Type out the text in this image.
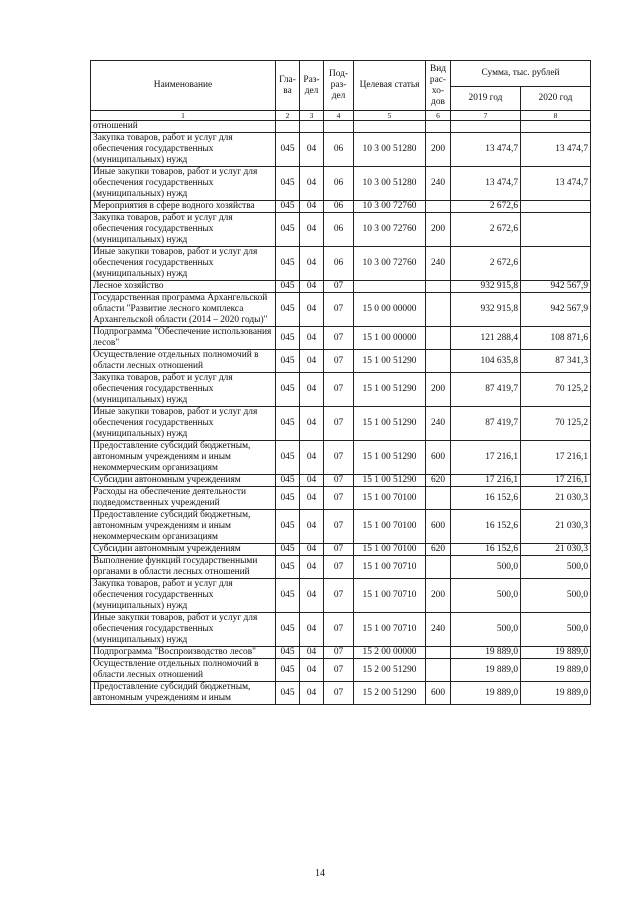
Наименование	Гла-ва	Раз-дел	Под-раз-дел	Целевая статья	Вид рас-хо-дов	Сумма, тыс. рублей	
						2019 год	2020 год
1	2	3	4	5	6	7	8
отношений							
Закупка товаров, работ и услуг для обеспечения государственных (муниципальных) нужд	045	04	06	10 3 00 51280	200	13 474,7	13 474,7
Иные закупки товаров, работ и услуг для обеспечения государственных (муниципальных) нужд	045	04	06	10 3 00 51280	240	13 474,7	13 474,7
Мероприятия в сфере водного хозяйства	045	04	06	10 3 00 72760		2 672,6	
Закупка товаров, работ и услуг для обеспечения государственных (муниципальных) нужд	045	04	06	10 3 00 72760	200	2 672,6	
Иные закупки товаров, работ и услуг для обеспечения государственных (муниципальных) нужд	045	04	06	10 3 00 72760	240	2 672,6	
Лесное хозяйство	045	04	07			932 915,8	942 567,9
Государственная программа Архангельской области "Развитие лесного комплекса Архангельской области (2014 – 2020 годы)"	045	04	07	15 0 00 00000		932 915,8	942 567,9
Подпрограмма "Обеспечение использования лесов"	045	04	07	15 1 00 00000		121 288,4	108 871,6
Осуществление отдельных полномочий в области лесных отношений	045	04	07	15 1 00 51290		104 635,8	87 341,3
Закупка товаров, работ и услуг для обеспечения государственных (муниципальных) нужд	045	04	07	15 1 00 51290	200	87 419,7	70 125,2
Иные закупки товаров, работ и услуг для обеспечения государственных (муниципальных) нужд	045	04	07	15 1 00 51290	240	87 419,7	70 125,2
Предоставление субсидий бюджетным, автономным учреждениям и иным некоммерческим организациям	045	04	07	15 1 00 51290	600	17 216,1	17 216,1
Субсидии автономным учреждениям	045	04	07	15 1 00 51290	620	17 216,1	17 216,1
Расходы на обеспечение деятельности подведомственных учреждений	045	04	07	15 1 00 70100		16 152,6	21 030,3
Предоставление субсидий бюджетным, автономным учреждениям и иным некоммерческим организациям	045	04	07	15 1 00 70100	600	16 152,6	21 030,3
Субсидии автономным учреждениям	045	04	07	15 1 00 70100	620	16 152,6	21 030,3
Выполнение функций государственными органами в области лесных отношений	045	04	07	15 1 00 70710		500,0	500,0
Закупка товаров, работ и услуг для обеспечения государственных (муниципальных) нужд	045	04	07	15 1 00 70710	200	500,0	500,0
Иные закупки товаров, работ и услуг для обеспечения государственных (муниципальных) нужд	045	04	07	15 1 00 70710	240	500,0	500,0
Подпрограмма "Воспроизводство лесов"	045	04	07	15 2 00 00000		19 889,0	19 889,0
Осуществление отдельных полномочий в области лесных отношений	045	04	07	15 2 00 51290		19 889,0	19 889,0
Предоставление субсидий бюджетным, автономным учреждениям и иным	045	04	07	15 2 00 51290	600	19 889,0	19 889,0
14
